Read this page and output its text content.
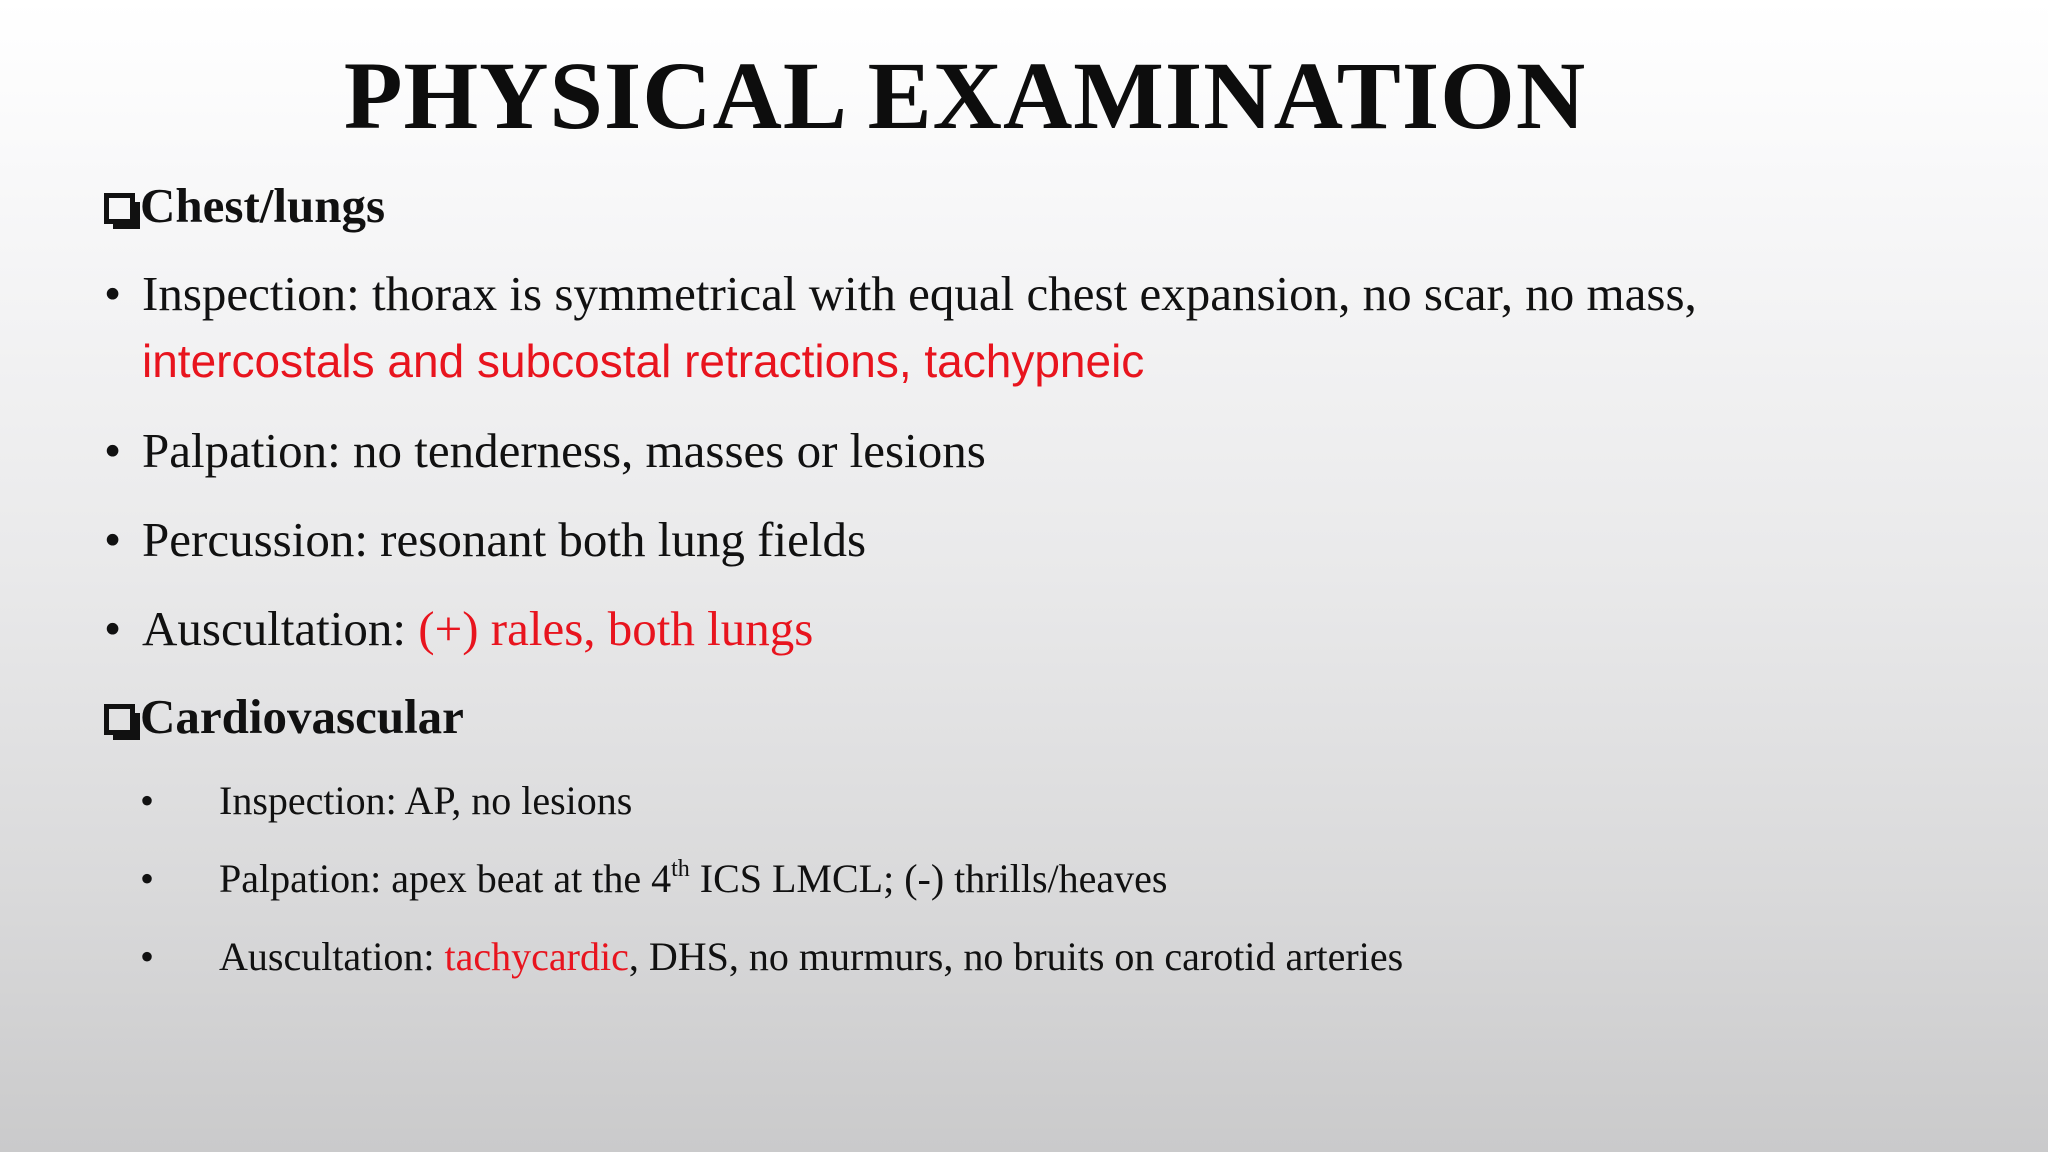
PHYSICAL EXAMINATION
Chest/lungs
• Inspection: thorax is symmetrical with equal chest expansion, no scar, no mass,
intercostals and subcostal retractions, tachypneic
• Palpation: no tenderness, masses or lesions
• Percussion: resonant both lung fields
• Auscultation: (+) rales, both lungs
Cardiovascular
•	Inspection: AP, no lesions
•	Palpation: apex beat at the 4th ICS LMCL; (-) thrills/heaves
•	Auscultation: tachycardic, DHS, no murmurs, no bruits on carotid arteries
